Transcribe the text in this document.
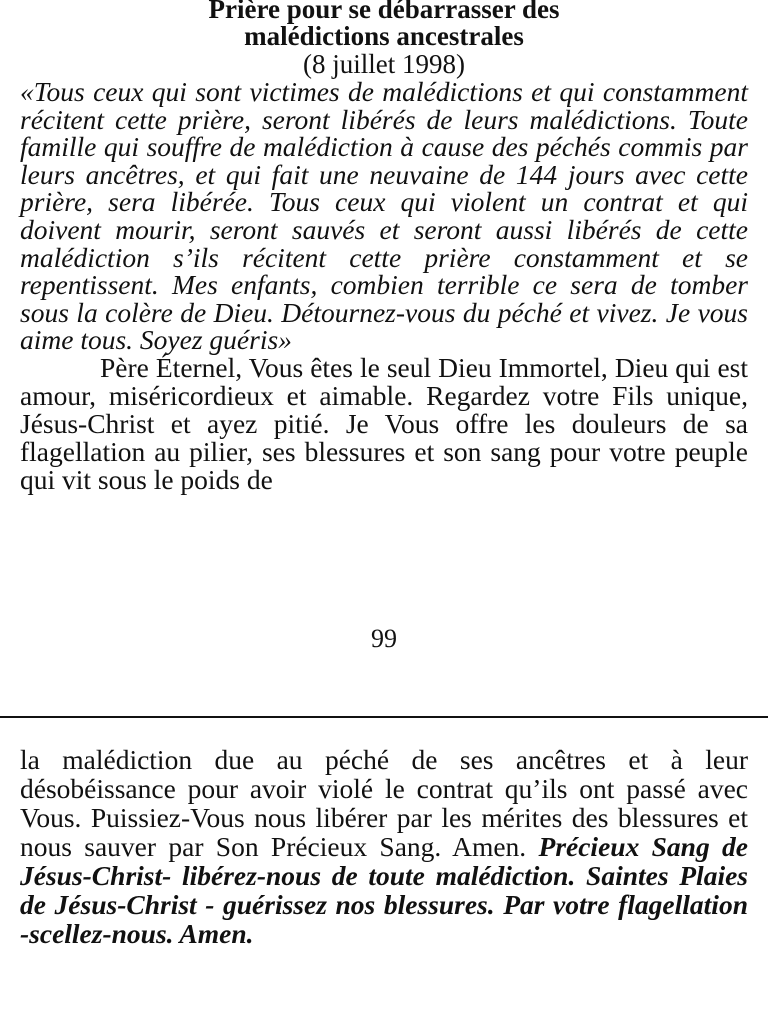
Prière pour se débarrasser des
malédictions ancestrales

(8 juillet 1998)

«Tous ceux qui sont victimes de malédictions et qui constamment récitent cette prière, seront libérés de leurs malédictions. Toute famille qui souffre de malédiction à cause des péchés commis par leurs ancêtres, et qui fait une neuvaine de 144 jours avec cette prière, sera libérée. Tous ceux qui violent un contrat et qui doivent mourir, seront sauvés et seront aussi libérés de cette malédiction s’ils récitent cette prière constamment et se repentissent. Mes enfants, combien terrible ce sera de tomber sous la colère de Dieu. Détournez-vous du péché et vivez. Je vous aime tous. Soyez guéris»

Père Éternel, Vous êtes le seul Dieu Immortel, Dieu qui est amour, miséricordieux et aimable. Regardez votre Fils unique, Jésus-Christ et ayez pitié. Je Vous offre les douleurs de sa flagellation au pilier, ses blessures et son sang pour votre peuple qui vit sous le poids de

99

la malédiction due au péché de ses ancêtres et à leur désobéissance pour avoir violé le contrat qu’ils ont passé avec Vous. Puissiez-Vous nous libérer par les mérites des blessures et nous sauver par Son Précieux Sang. Amen. Précieux Sang de Jésus-Christ- libérez-nous de toute malédiction. Saintes Plaies de Jésus-Christ - guérissez nos blessures. Par votre flagellation -scellez-nous. Amen.
